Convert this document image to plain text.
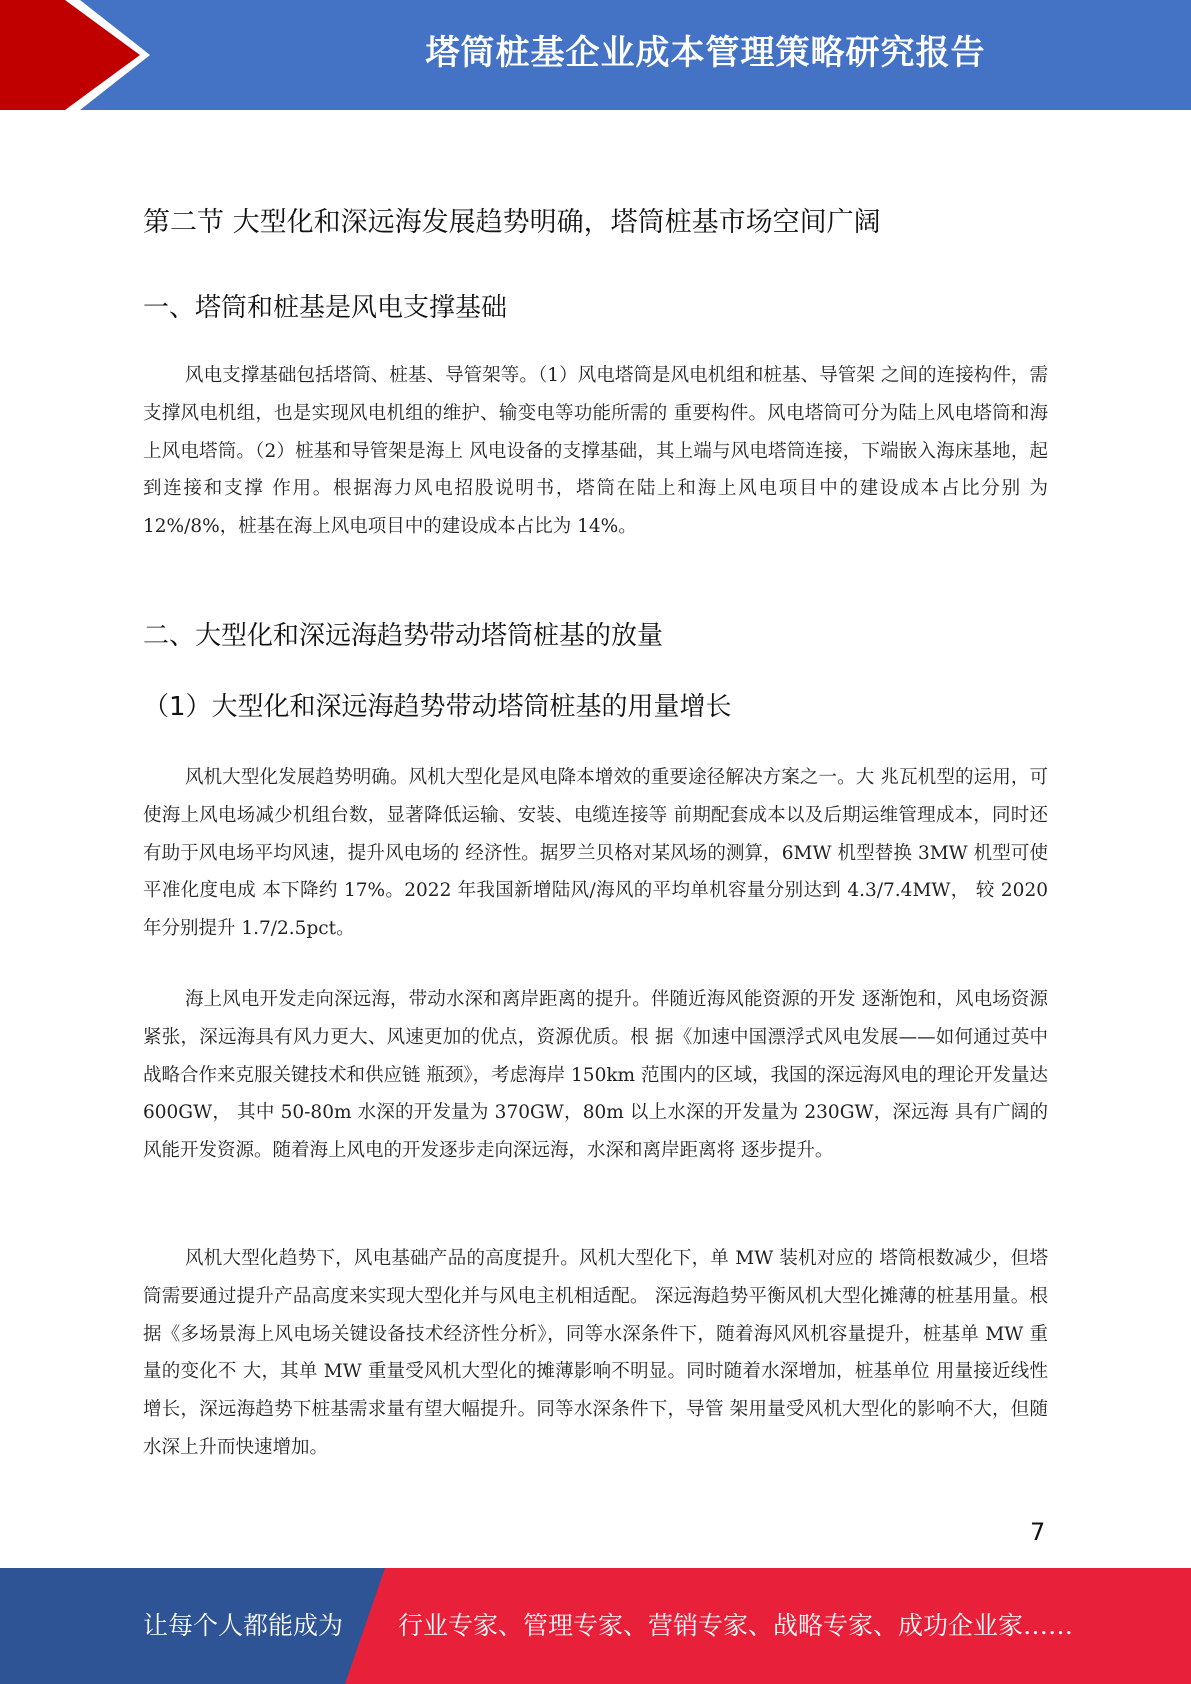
塔筒桩基企业成本管理策略研究报告
第二节 大型化和深远海发展趋势明确，塔筒桩基市场空间广阔
一、塔筒和桩基是风电支撑基础

风电支撑基础包括塔筒、桩基、导管架等。（1）风电塔筒是风电机组和桩基、导管架 之间的连接构件，需支撑风电机组，也是实现风电机组的维护、输变电等功能所需的 重要构件。风电塔筒可分为陆上风电塔筒和海上风电塔筒。（2）桩基和导管架是海上 风电设备的支撑基础，其上端与风电塔筒连接，下端嵌入海床基地，起到连接和支撑 作用。根据海力风电招股说明书，塔筒在陆上和海上风电项目中的建设成本占比分别 为 12%/8%，桩基在海上风电项目中的建设成本占比为 14%。

二、大型化和深远海趋势带动塔筒桩基的放量
（1）大型化和深远海趋势带动塔筒桩基的用量增长

风机大型化发展趋势明确。风机大型化是风电降本增效的重要途径解决方案之一。大 兆瓦机型的运用，可使海上风电场减少机组台数，显著降低运输、安装、电缆连接等 前期配套成本以及后期运维管理成本，同时还有助于风电场平均风速，提升风电场的 经济性。据罗兰贝格对某风场的测算，6MW 机型替换 3MW 机型可使平准化度电成 本下降约 17%。2022 年我国新增陆风/海风的平均单机容量分别达到 4.3/7.4MW， 较 2020 年分别提升 1.7/2.5pct。

海上风电开发走向深远海，带动水深和离岸距离的提升。伴随近海风能资源的开发 逐渐饱和，风电场资源紧张，深远海具有风力更大、风速更加的优点，资源优质。根 据《加速中国漂浮式风电发展——如何通过英中战略合作来克服关键技术和供应链 瓶颈》，考虑海岸 150km 范围内的区域，我国的深远海风电的理论开发量达 600GW， 其中 50-80m 水深的开发量为 370GW，80m 以上水深的开发量为 230GW，深远海 具有广阔的风能开发资源。随着海上风电的开发逐步走向深远海，水深和离岸距离将 逐步提升。

风机大型化趋势下，风电基础产品的高度提升。风机大型化下，单 MW 装机对应的 塔筒根数减少，但塔筒需要通过提升产品高度来实现大型化并与风电主机相适配。 深远海趋势平衡风机大型化摊薄的桩基用量。根据《多场景海上风电场关键设备技术经济性分析》，同等水深条件下，随着海风风机容量提升，桩基单 MW 重量的变化不 大，其单 MW 重量受风机大型化的摊薄影响不明显。同时随着水深增加，桩基单位 用量接近线性增长，深远海趋势下桩基需求量有望大幅提升。同等水深条件下，导管 架用量受风机大型化的影响不大，但随水深上升而快速增加。

7
让每个人都能成为 行业专家、管理专家、营销专家、战略专家、成功企业家……
